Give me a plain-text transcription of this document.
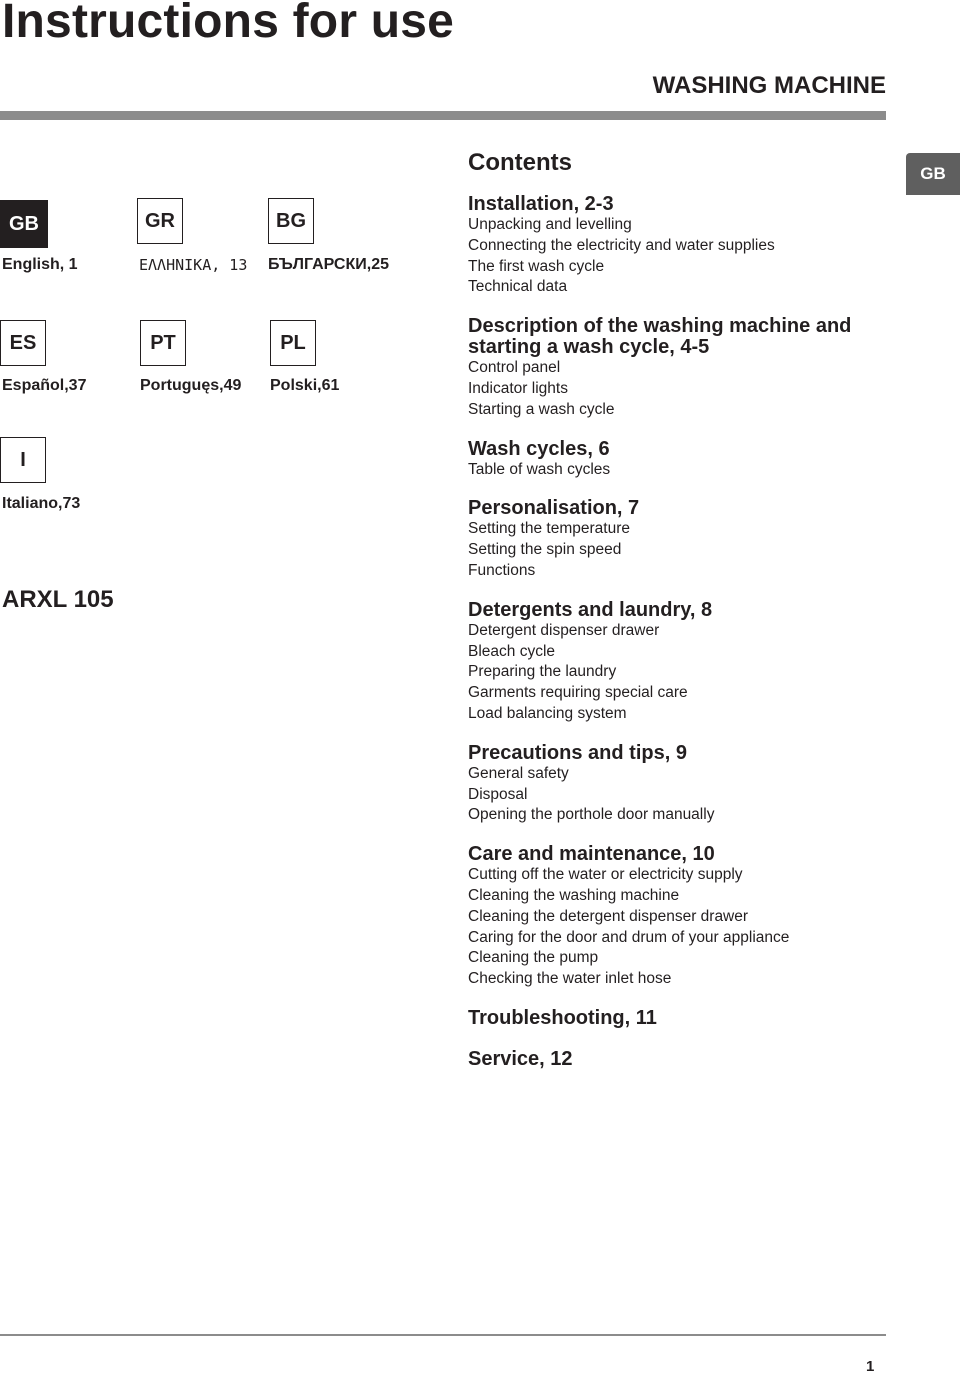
Instructions for use
WASHING MACHINE
GB
GB
English, 1
GR
ΕΛΛΗΝΙΚΑ, 13
BG
БЪЛГАРСКИ,25
ES
Español,37
PT
Portuguęs,49
PL
Polski,61
I
Italiano,73
ARXL 105
Contents
Installation, 2-3
Unpacking and levelling
Connecting the electricity and water supplies
The first wash cycle
Technical data
Description of the washing machine and starting a wash cycle, 4-5
Control panel
Indicator lights
Starting a wash cycle
Wash cycles, 6
Table of wash cycles
Personalisation, 7
Setting the temperature
Setting the spin speed
Functions
Detergents and laundry, 8
Detergent dispenser drawer
Bleach cycle
Preparing the laundry
Garments requiring special care
Load balancing system
Precautions and tips, 9
General safety
Disposal
Opening the porthole door manually
Care and maintenance, 10
Cutting off the water or electricity supply
Cleaning the washing machine
Cleaning the detergent dispenser drawer
Caring for the door and drum of your appliance
Cleaning the pump
Checking the water inlet hose
Troubleshooting, 11
Service, 12
1
